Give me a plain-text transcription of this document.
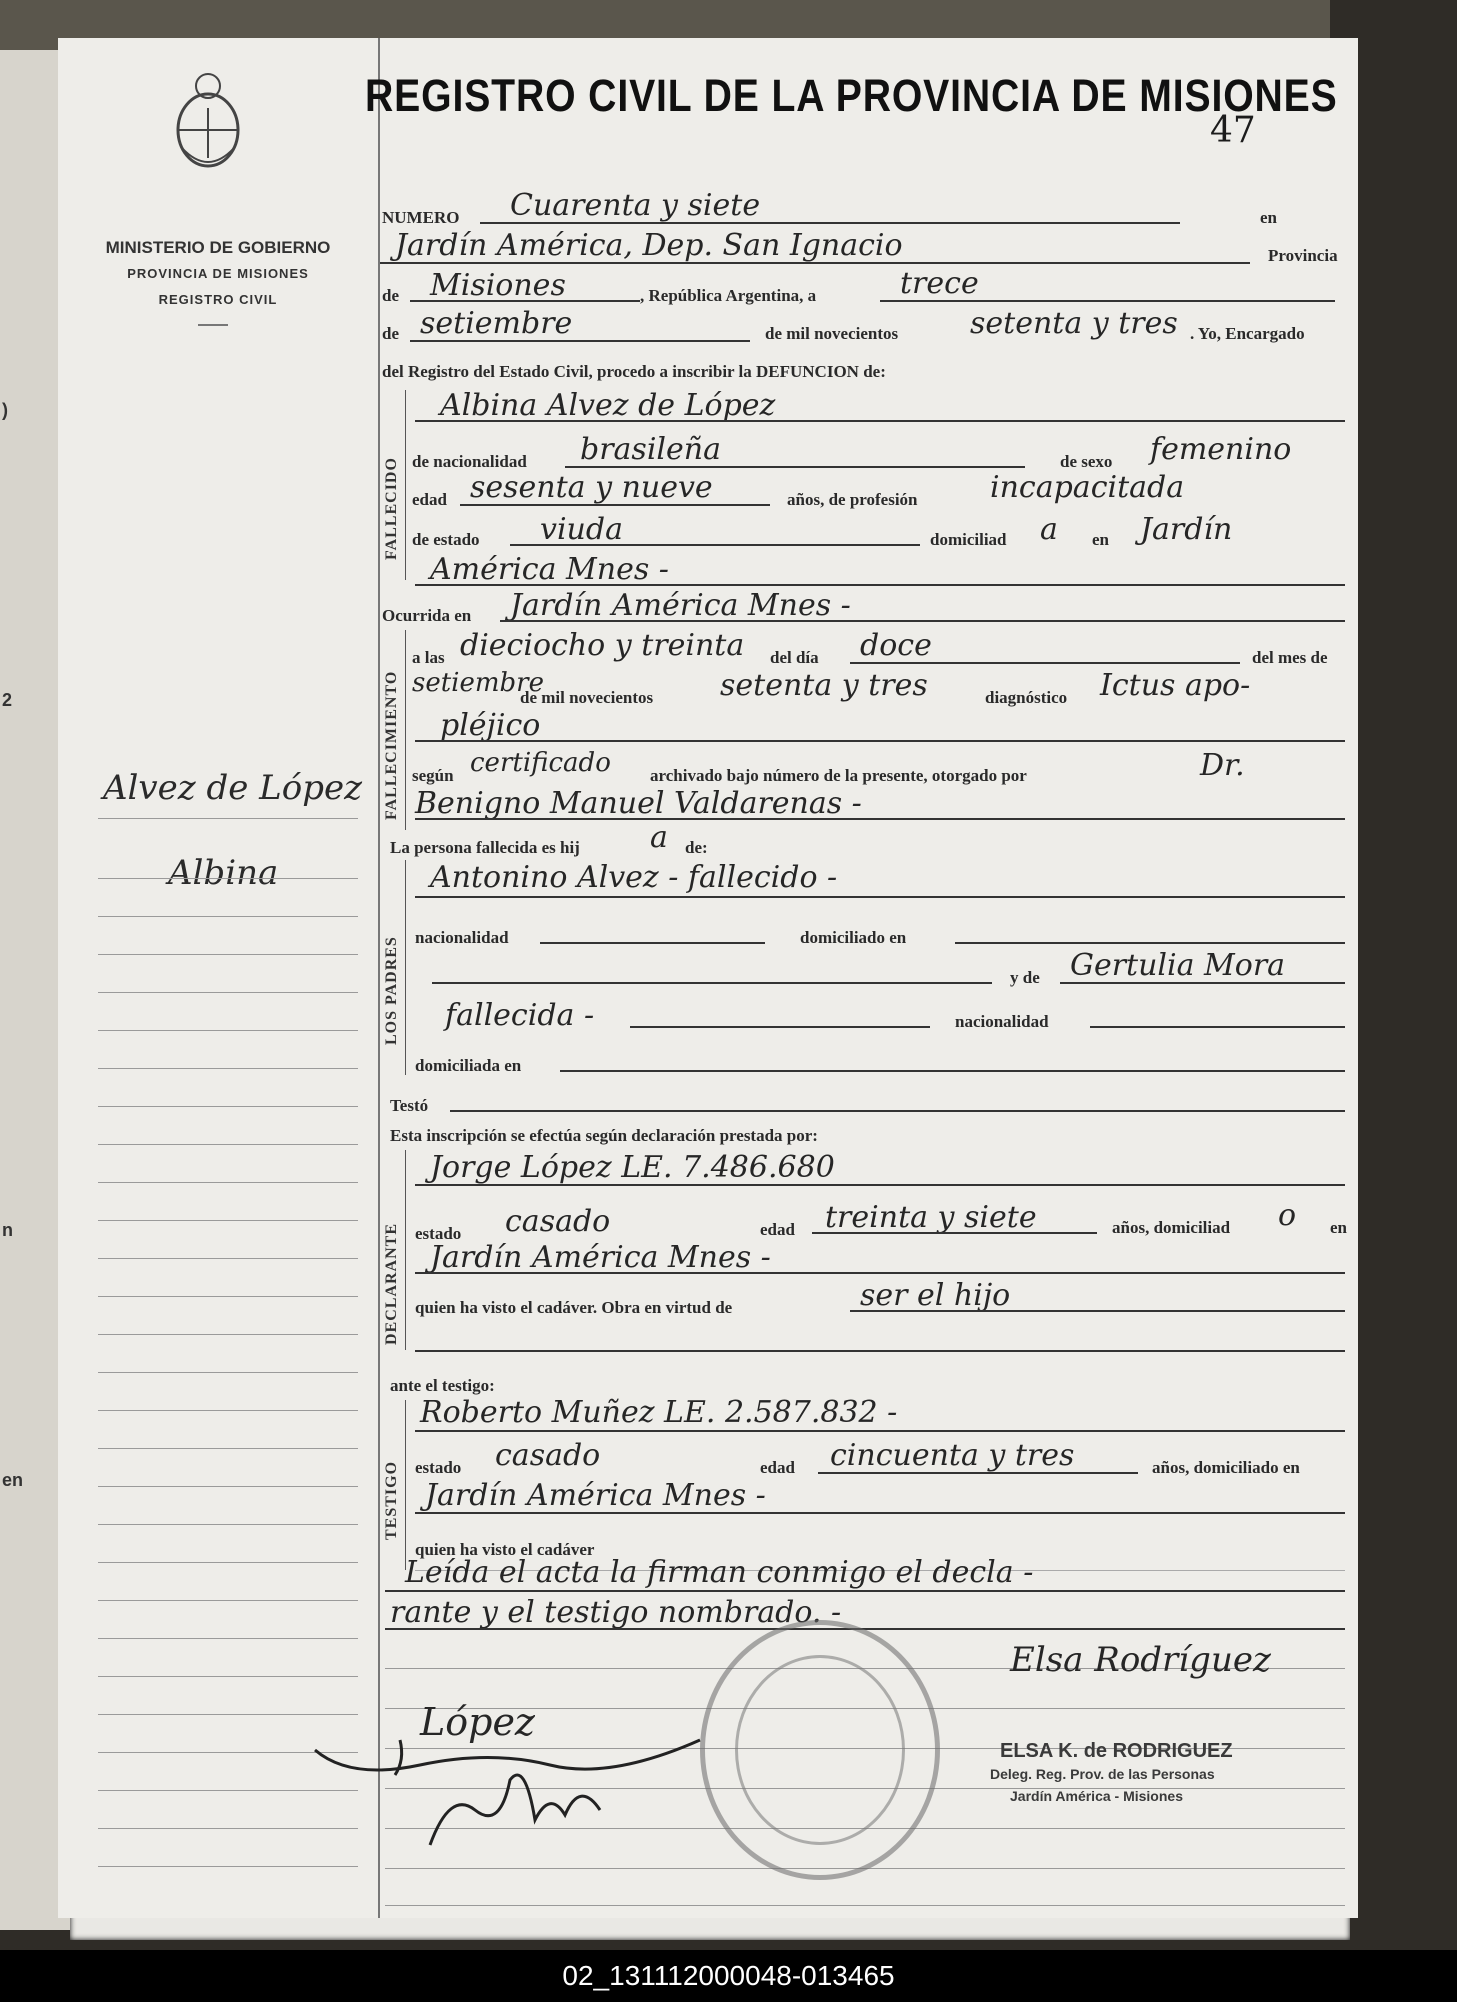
)
2
n
en
MINISTERIO DE GOBIERNO
PROVINCIA DE MISIONES
REGISTRO CIVIL
Alvez de López
Albina
REGISTRO CIVIL DE LA PROVINCIA DE MISIONES
47
NUMERO Cuarenta y siete	en
Jardín América, Dep. San Ignacio	Provincia
de Misiones	, República Argentina, a	trece
de setiembre	de mil novecientos setenta y tres . Yo, Encargado
del Registro del Estado Civil, procedo a inscribir la DEFUNCION de:
FALLECIDO
Albina Alvez de López
de nacionalidad brasileña	de sexo femenino
edad sesenta y nueve	años, de profesión incapacitada
de estado viuda	domiciliad a en Jardín
América Mnes -
Ocurrida en Jardín América Mnes -
FALLECIMIENTO
a las dieciocho y treinta del día doce	del mes de
setiembre
de mil novecientos setenta y tres	diagnóstico Ictus apo-
pléjico
según certificado archivado bajo número de la presente, otorgado por	Dr.
Benigno Manuel Valdarenas -
La persona fallecida es hij a de:
LOS PADRES
Antonino Alvez - fallecido -
nacionalidad	domiciliado en
y de Gertulia Mora
fallecida -	nacionalidad
domiciliada en
Testó
Esta inscripción se efectúa según declaración prestada por:
DECLARANTE
Jorge López LE. 7.486.680
estado casado	edad treinta y siete	años, domiciliad o en
Jardín América Mnes -
quien ha visto el cadáver. Obra en virtud de	ser el hijo
ante el testigo:
TESTIGO
Roberto Muñez LE. 2.587.832 -
estado casado	edad cincuenta y tres	años, domiciliado en
Jardín América Mnes -
quien ha visto el cadáver
Leída el acta la firman conmigo el decla -
rante y el testigo nombrado. -
Elsa Rodríguez
ELSA K. de RODRIGUEZ
Deleg. Reg. Prov. de las Personas
Jardín América - Misiones
López
02_131112000048-013465
